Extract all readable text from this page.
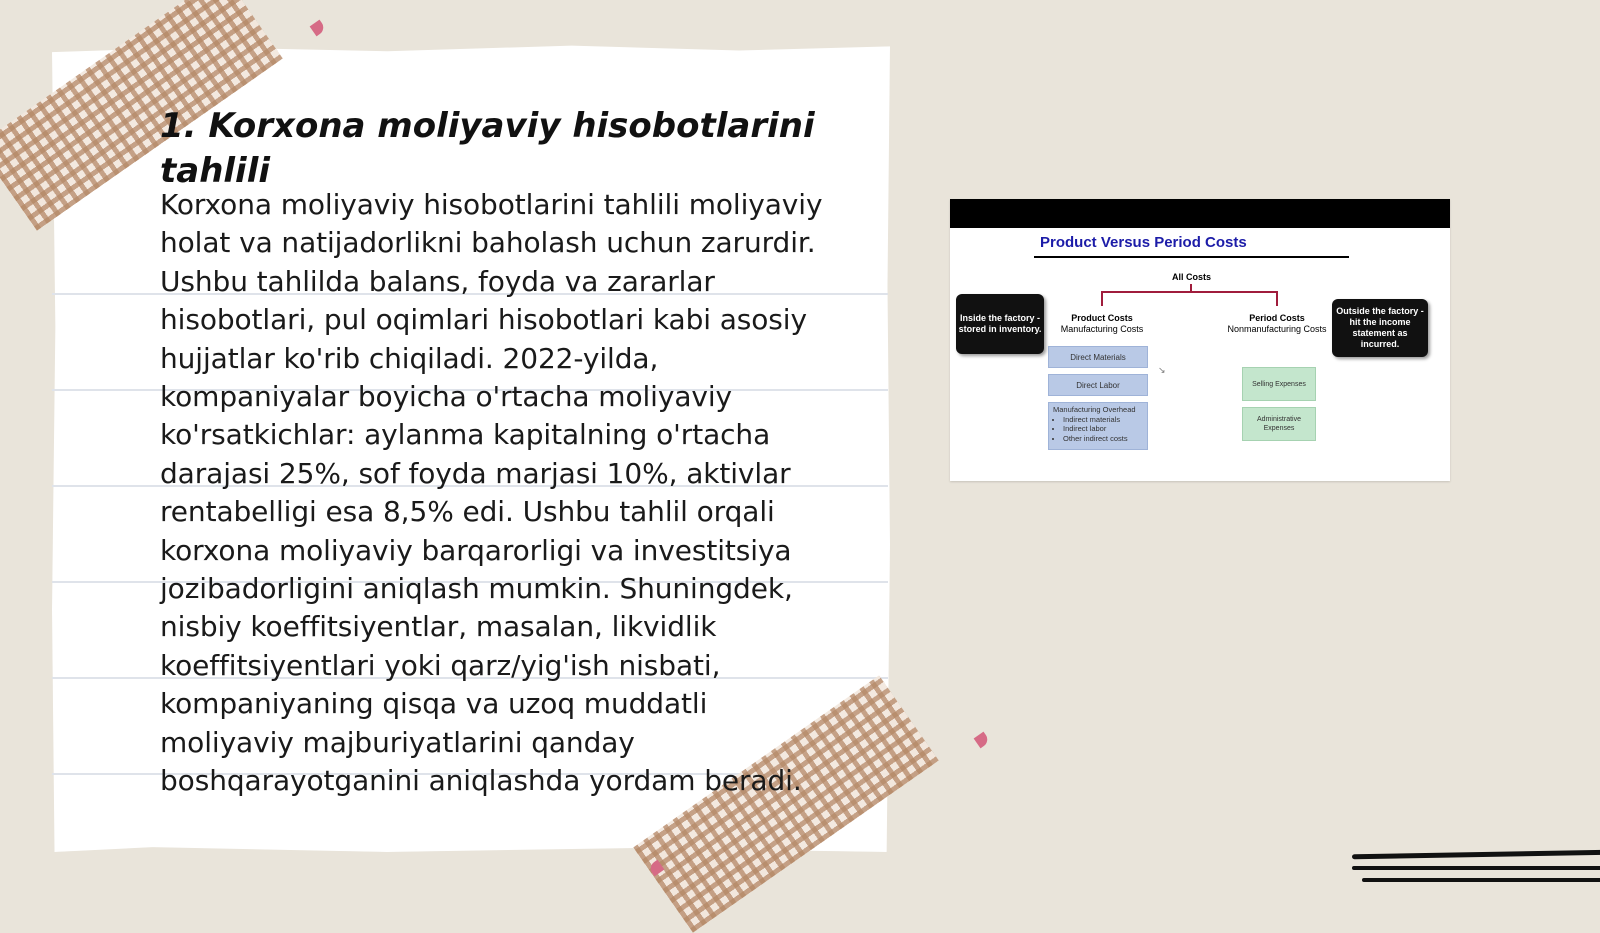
1. Korxona moliyaviy hisobotlarini tahlili

Korxona moliyaviy hisobotlarini tahlili moliyaviy holat va natijadorlikni baholash uchun zarurdir. Ushbu tahlilda balans, foyda va zararlar hisobotlari, pul oqimlari hisobotlari kabi asosiy hujjatlar ko'rib chiqiladi. 2022-yilda, kompaniyalar boyicha o'rtacha moliyaviy ko'rsatkichlar: aylanma kapitalning o'rtacha darajasi 25%, sof foyda marjasi 10%, aktivlar rentabelligi esa 8,5% edi. Ushbu tahlil orqali korxona moliyaviy barqarorligi va investitsiya jozibadorligini aniqlash mumkin. Shuningdek, nisbiy koeffitsiyentlar, masalan, likvidlik koeffitsiyentlari yoki qarz/yig'ish nisbati, kompaniyaning qisqa va uzoq muddatli moliyaviy majburiyatlarini qanday boshqarayotganini aniqlashda yordam beradi.

Product Versus Period Costs
All Costs
Inside the factory - stored in inventory.
Outside the factory - hit the income statement as incurred.
Product Costs
Manufacturing Costs
Period Costs
Nonmanufacturing Costs
Direct Materials
Direct Labor
Manufacturing Overhead
• Indirect materials
• Indirect labor
• Other indirect costs
↘
Selling Expenses
Administrative Expenses
